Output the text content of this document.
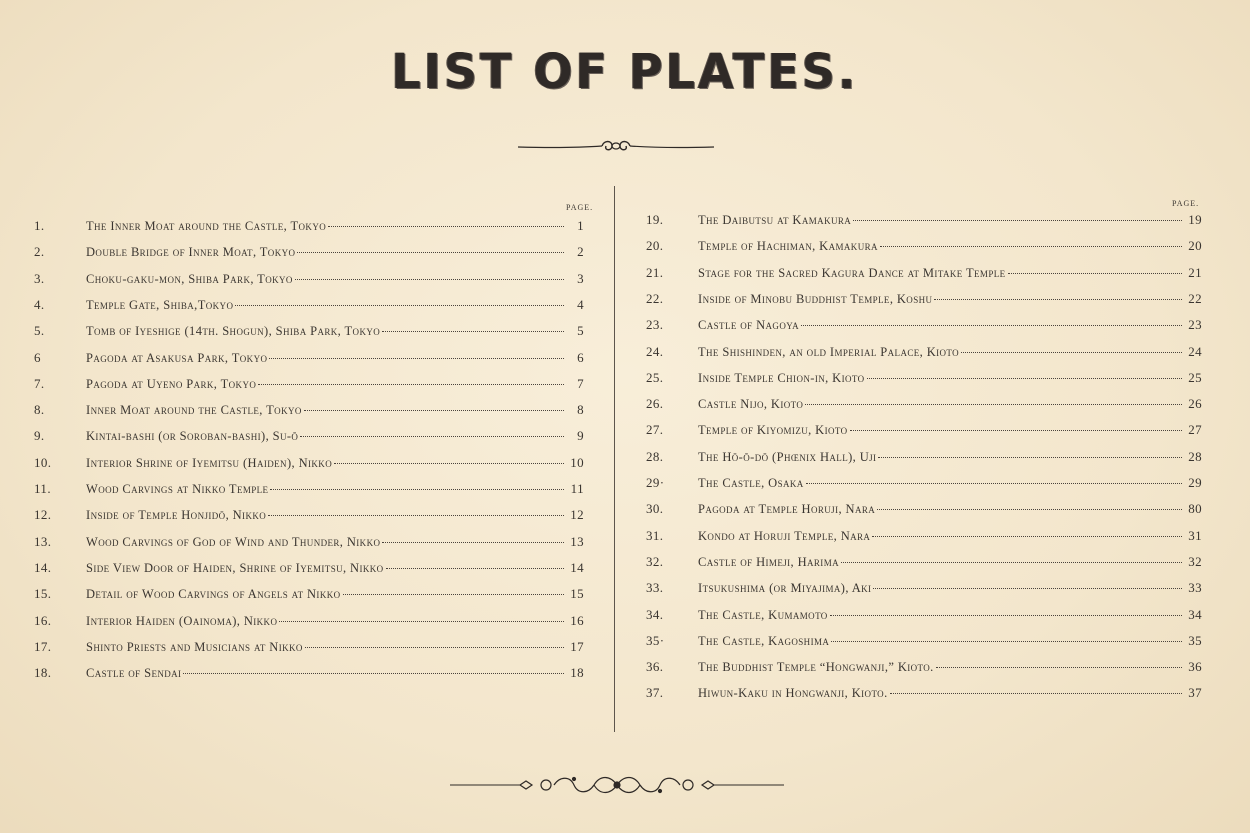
LIST OF PLATES.
PAGE.	PAGE.
1.	The Inner Moat around the Castle, Tokyo	1
2.	Double Bridge of Inner Moat, Tokyo	2
3.	Choku-gaku-mon, Shiba Park, Tokyo	3
4.	Temple Gate, Shiba,Tokyo	4
5.	Tomb of Iyeshige (14th. Shogun), Shiba Park, Tokyo	5
6	Pagoda at Asakusa Park, Tokyo	6
7.	Pagoda at Uyeno Park, Tokyo	7
8.	Inner Moat around the Castle, Tokyo	8
9.	Kintai-bashi (or Soroban-bashi), Su-ō	9
10.	Interior Shrine of Iyemitsu (Haiden), Nikko	10
11.	Wood Carvings at Nikko Temple	11
12.	Inside of Temple Honjidō, Nikko	12
13.	Wood Carvings of God of Wind and Thunder, Nikko	13
14.	Side View Door of Haiden, Shrine of Iyemitsu, Nikko	14
15.	Detail of Wood Carvings of Angels at Nikko	15
16.	Interior Haiden (Oainoma), Nikko	16
17.	Shinto Priests and Musicians at Nikko	17
18.	Castle of Sendai	18
19.	The Daibutsu at Kamakura	19
20.	Temple of Hachiman, Kamakura	20
21.	Stage for the Sacred Kagura Dance at Mitake Temple	21
22.	Inside of Minobu Buddhist Temple, Koshu	22
23.	Castle of Nagoya	23
24.	The Shishinden, an old Imperial Palace, Kioto	24
25.	Inside Temple Chion-in, Kioto	25
26.	Castle Nijo, Kioto	26
27.	Temple of Kiyomizu, Kioto	27
28.	The Hō-ō-dō (Phœnix Hall), Uji	28
29·	The Castle, Osaka	29
30.	Pagoda at Temple Horuji, Nara	80
31.	Kondo at Horuji Temple, Nara	31
32.	Castle of Himeji, Harima	32
33.	Itsukushima (or Miyajima), Aki	33
34.	The Castle, Kumamoto	34
35·	The Castle, Kagoshima	35
36.	The Buddhist Temple “Hongwanji,” Kioto.	36
37.	Hiwun-Kaku in Hongwanji, Kioto.	37
